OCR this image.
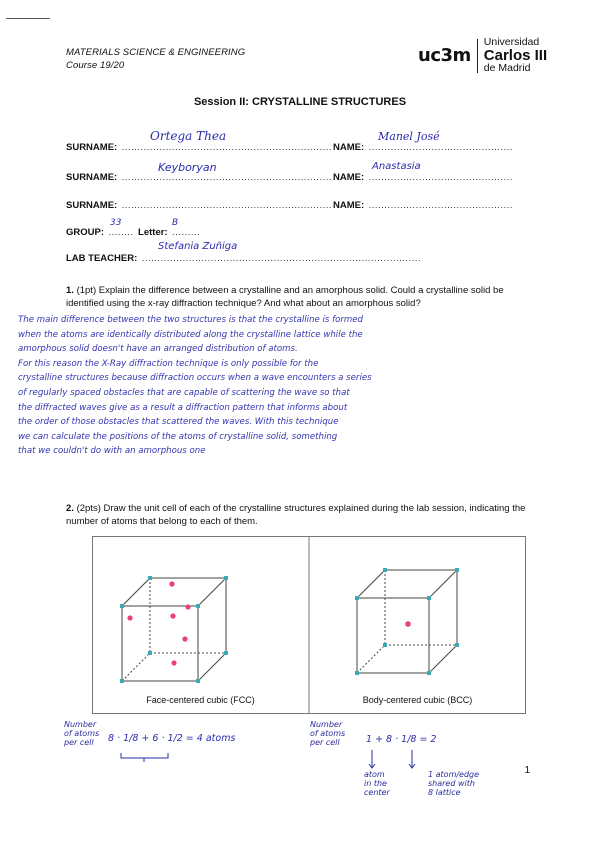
MATERIALS SCIENCE & ENGINEERING
Course 19/20	uc3m
Universidad
Carlos III
de Madrid
Session II: CRYSTALLINE STRUCTURES
SURNAME: ...................................................................
Ortega Thea
NAME: ..............................................
Manel José
SURNAME: ...................................................................
Keyboryan
NAME: ..............................................
Anastasia
SURNAME: ................................................................... NAME: ..............................................
GROUP: ........ Letter: .........
33	B
LAB TEACHER: .........................................................................................
Stefania Zuñiga
1. (1pt) Explain the difference between a crystalline and an amorphous solid. Could a crystalline solid be identified using the x-ray diffraction technique? And what about an amorphous solid?
The main difference between the two structures is that the crystalline is formed
when the atoms are identically distributed along the crystalline lattice while the
amorphous solid doesn't have an arranged distribution of atoms.
For this reason the X-Ray diffraction technique is only possible for the
crystalline structures because diffraction occurs when a wave encounters a series
of regularly spaced obstacles that are capable of scattering the wave so that
the diffracted waves give as a result a diffraction pattern that informs about
the order of those obstacles that scattered the waves. With this technique
we can calculate the positions of the atoms of crystalline solid, something
that we couldn't do with an amorphous one
2. (2pts) Draw the unit cell of each of the crystalline structures explained during the lab session, indicating the number of atoms that belong to each of them.
Face-centered cubic (FCC)	Body-centered cubic (BCC)
Number
of atoms
per cell	8 · 1/8 + 6 · 1/2 = 4 atoms
Number
of atoms
per cell	1 + 8 · 1/8 = 2
atom
in the
center
1 atom/edge
shared with
8 lattice
1
